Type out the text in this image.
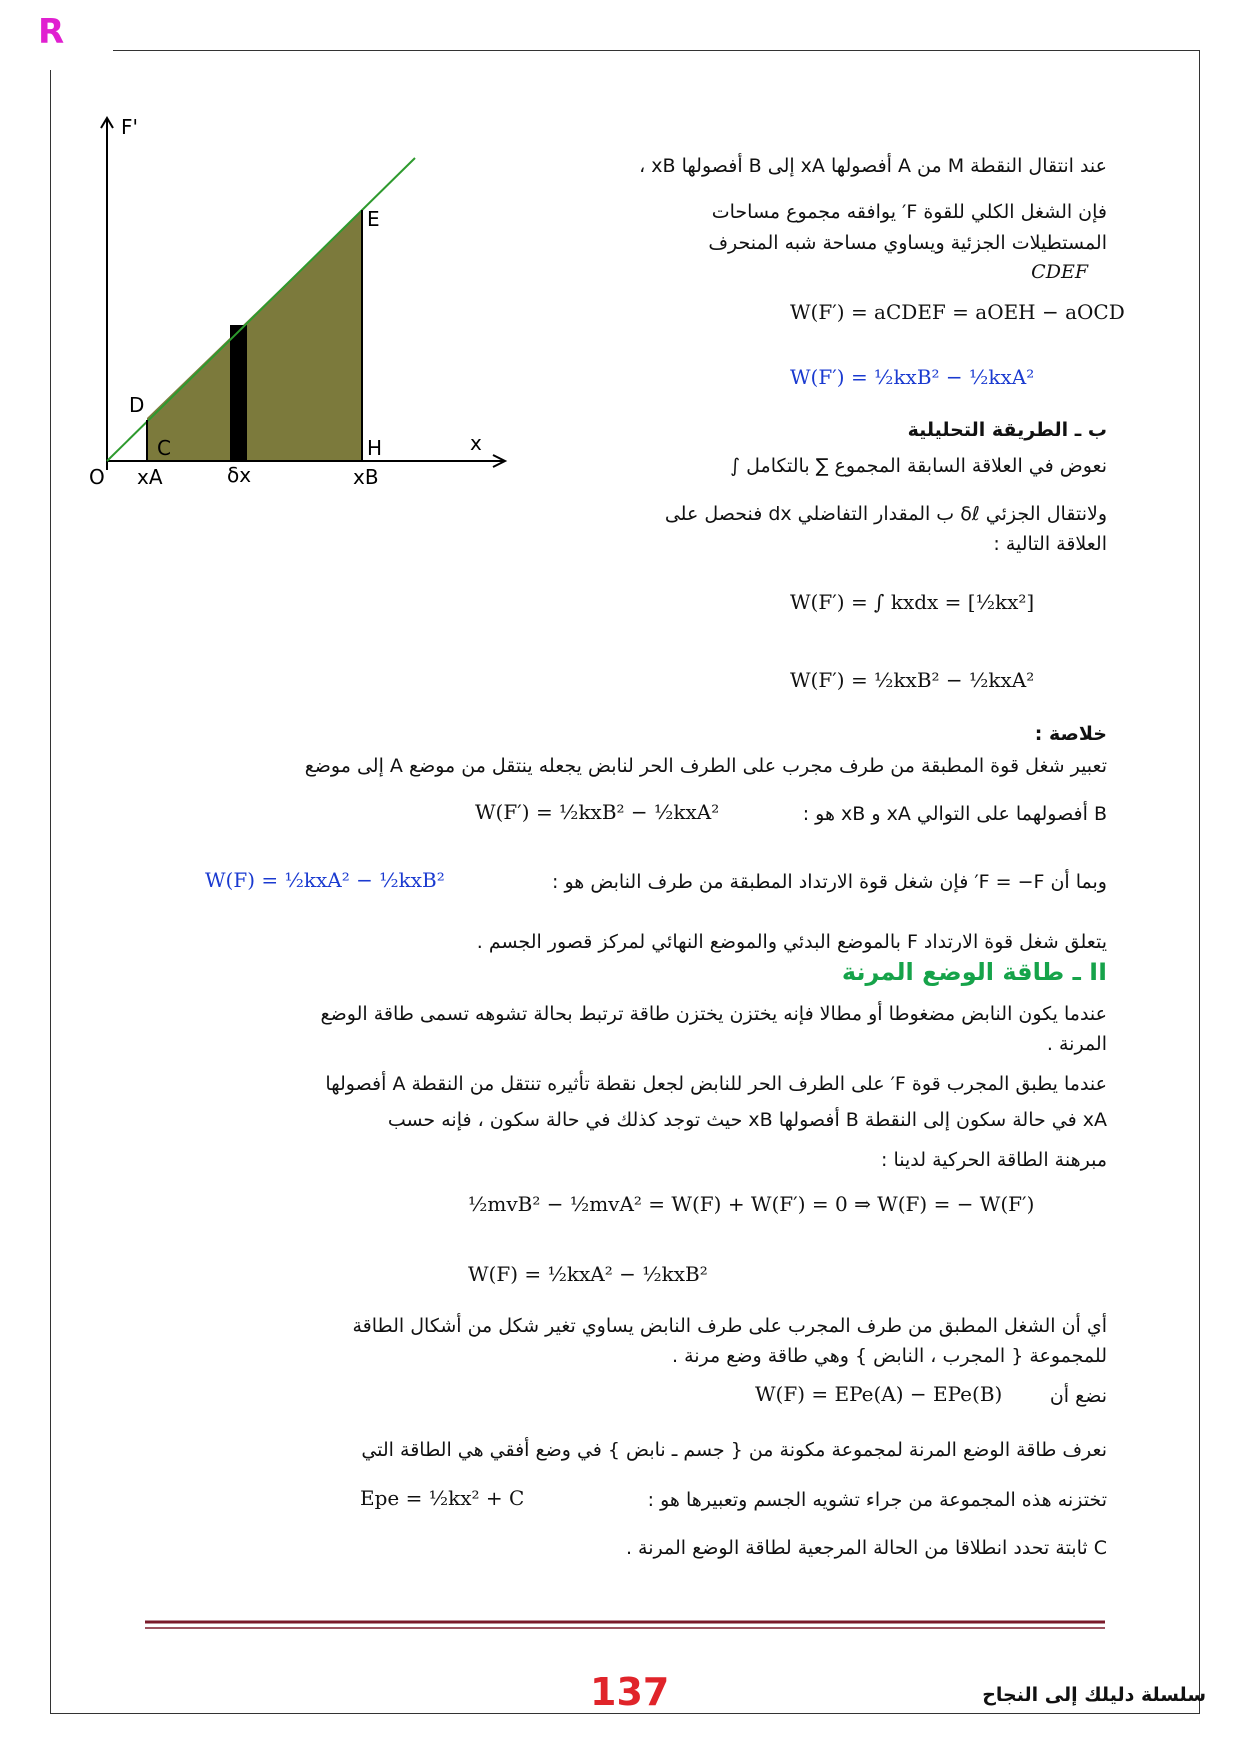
R
F'
x
O
D
C
E
H
xA	δx	xB
عند انتقال النقطة M من A أفصولها xA إلى B أفصولها xB ،
فإن الشغل الكلي للقوة F′ يوافقه مجموع مساحات
المستطيلات الجزئية ويساوي مساحة شبه المنحرف
CDEF
W(F′) = aCDEF = aOEH − aOCD
W(F′) = ½kxB² − ½kxA²
ب ـ الطريقة التحليلية
نعوض في العلاقة السابقة المجموع ∑ بالتكامل ∫
ولانتقال الجزئي δℓ ب المقدار التفاضلي dx فنحصل على
العلاقة التالية :
W(F′) = ∫ kxdx = [½kx²]
W(F′) = ½kxB² − ½kxA²
خلاصة :
تعبير شغل قوة المطبقة من طرف مجرب على الطرف الحر لنابض يجعله ينتقل من موضع A إلى موضع
B أفصولهما على التوالي xA و xB هو :
W(F′) = ½kxB² − ½kxA²
وبما أن F = −F′ فإن شغل قوة الارتداد المطبقة من طرف النابض هو :
W(F) = ½kxA² − ½kxB²
يتعلق شغل قوة الارتداد F بالموضع البدئي والموضع النهائي لمركز قصور الجسم .
II ـ طاقة الوضع المرنة
عندما يكون النابض مضغوطا أو مطالا فإنه يختزن يختزن طاقة ترتبط بحالة تشوهه تسمى طاقة الوضع
المرنة .
عندما يطبق المجرب قوة F′ على الطرف الحر للنابض لجعل نقطة تأثيره تنتقل من النقطة A أفصولها
xA في حالة سكون إلى النقطة B أفصولها xB حيث توجد كذلك في حالة سكون ، فإنه حسب
مبرهنة الطاقة الحركية لدينا :
½mvB² − ½mvA² = W(F) + W(F′) = 0 ⇒ W(F) = − W(F′)
W(F) = ½kxA² − ½kxB²
أي أن الشغل المطبق من طرف المجرب على طرف النابض يساوي تغير شكل من أشكال الطاقة
للمجموعة { المجرب ، النابض } وهي طاقة وضع مرنة .
نضع أن
W(F) = EPe(A) − EPe(B)
نعرف طاقة الوضع المرنة لمجموعة مكونة من { جسم ـ نابض } في وضع أفقي هي الطاقة التي
تختزنه هذه المجموعة من جراء تشويه الجسم وتعبيرها هو :
Epe = ½kx² + C
C ثابتة تحدد انطلاقا من الحالة المرجعية لطاقة الوضع المرنة .
137	سلسلة دليلك إلى النجاح
